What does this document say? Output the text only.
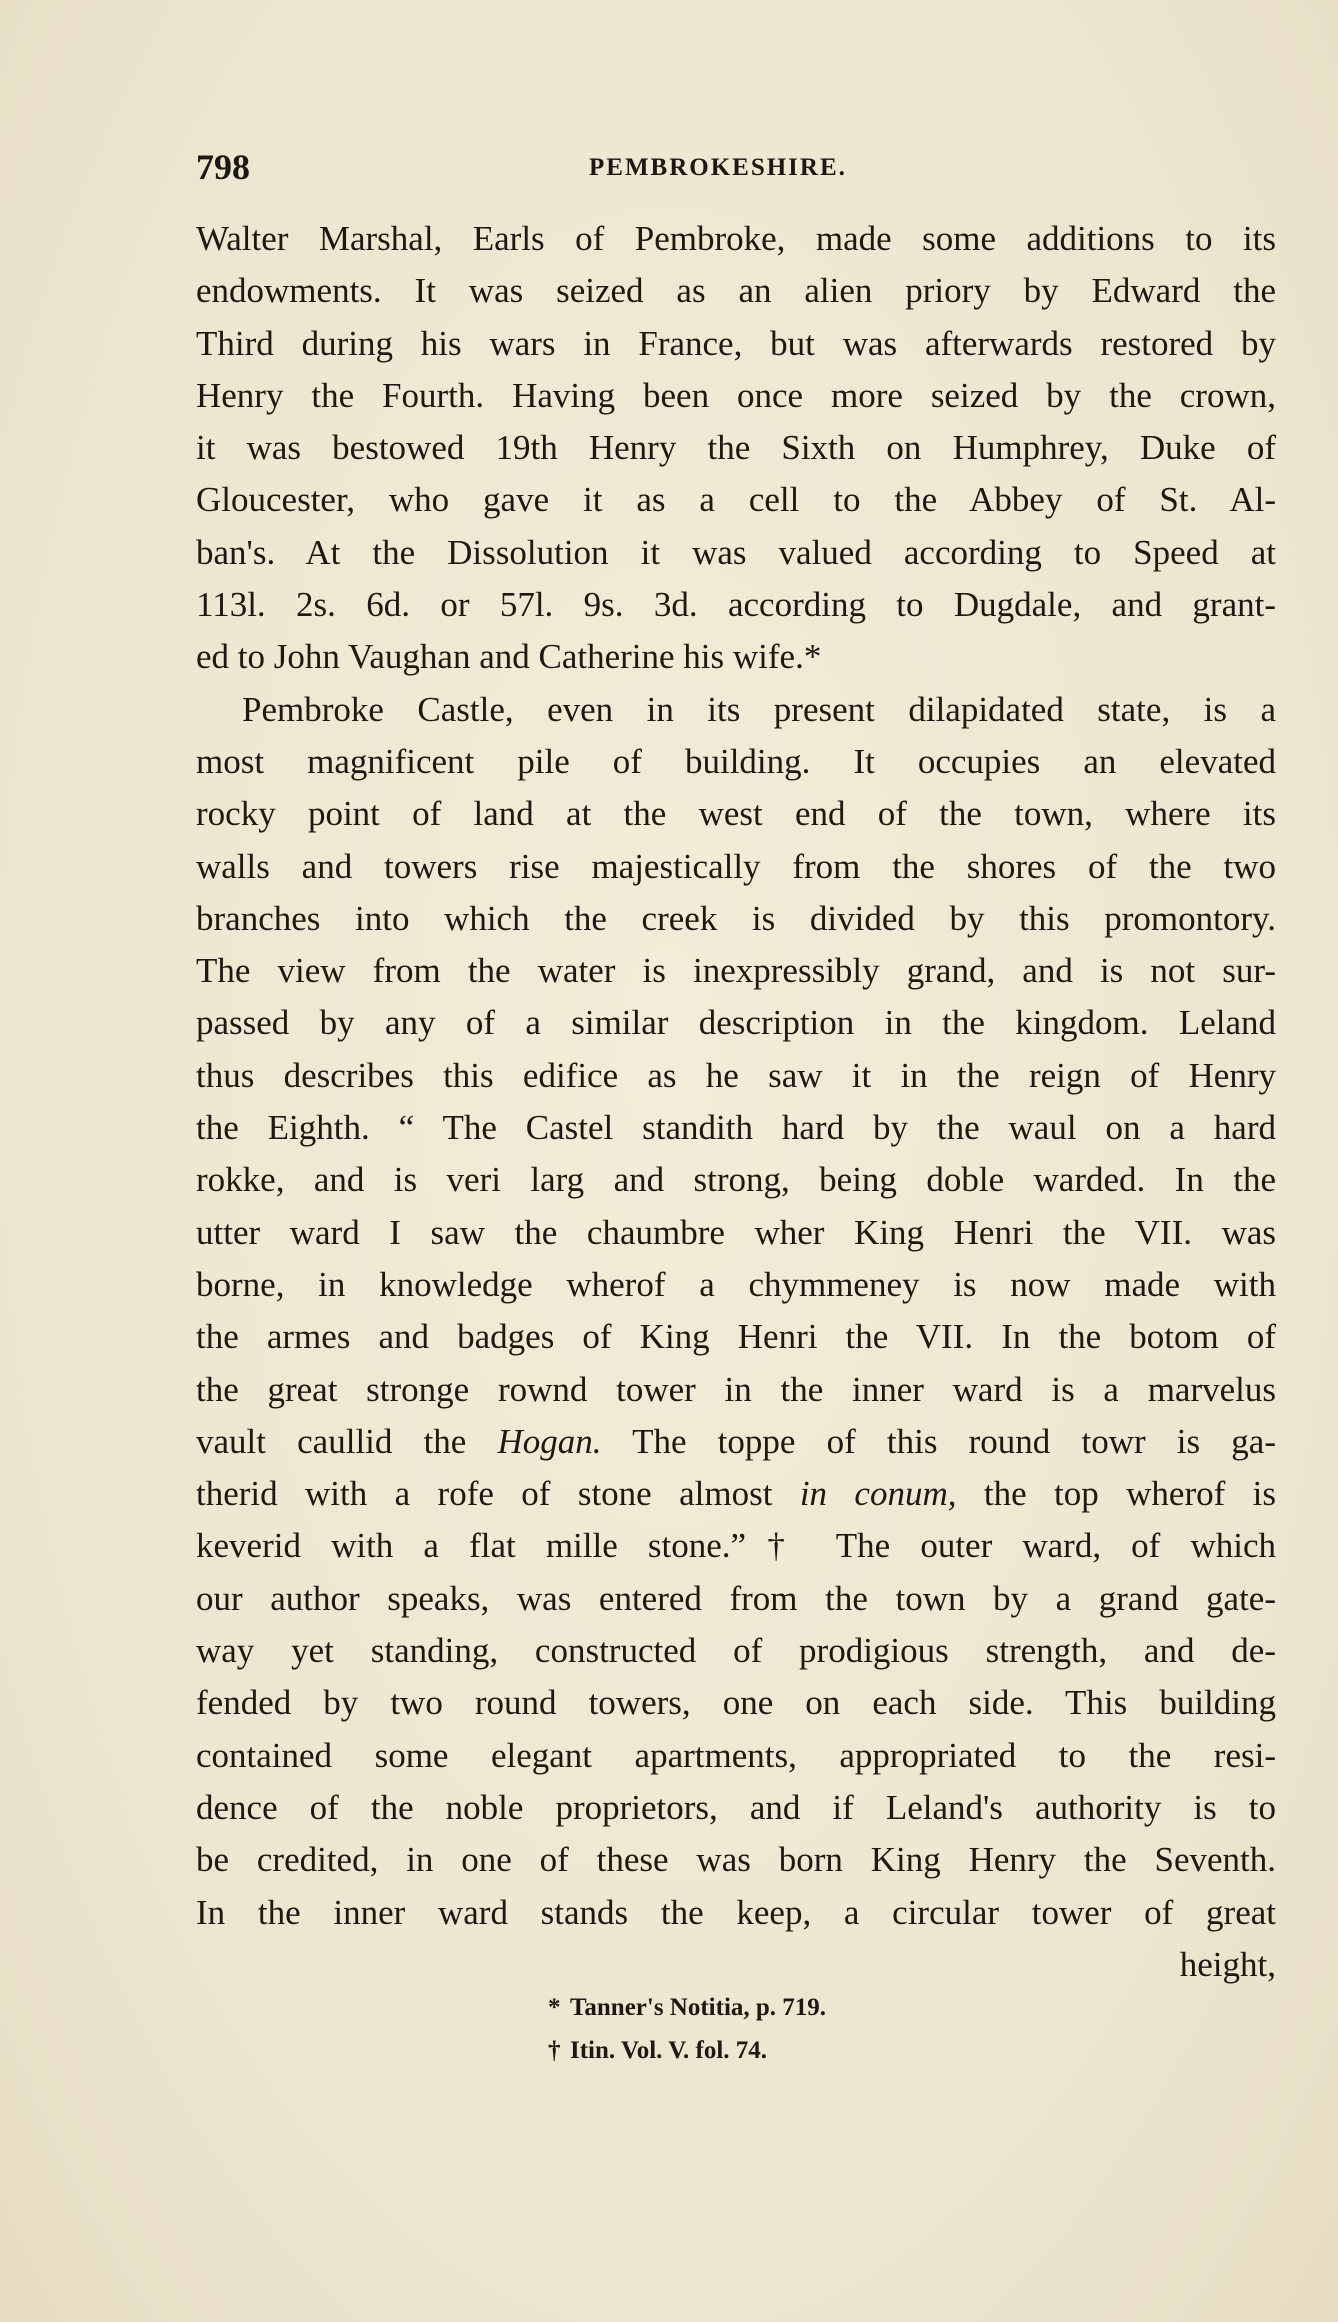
798	PEMBROKESHIRE.
Walter Marshal, Earls of Pembroke, made some additions to its
endowments. It was seized as an alien priory by Edward the
Third during his wars in France, but was afterwards restored by
Henry the Fourth. Having been once more seized by the crown,
it was bestowed 19th Henry the Sixth on Humphrey, Duke of
Gloucester, who gave it as a cell to the Abbey of St. Al-
ban's. At the Dissolution it was valued according to Speed at
113l. 2s. 6d. or 57l. 9s. 3d. according to Dugdale, and grant-
ed to John Vaughan and Catherine his wife.*
Pembroke Castle, even in its present dilapidated state, is a
most magnificent pile of building. It occupies an elevated
rocky point of land at the west end of the town, where its
walls and towers rise majestically from the shores of the two
branches into which the creek is divided by this promontory.
The view from the water is inexpressibly grand, and is not sur-
passed by any of a similar description in the kingdom. Leland
thus describes this edifice as he saw it in the reign of Henry
the Eighth. “ The Castel standith hard by the waul on a hard
rokke, and is veri larg and strong, being doble warded. In the
utter ward I saw the chaumbre wher King Henri the VII. was
borne, in knowledge wherof a chymmeney is now made with
the armes and badges of King Henri the VII. In the botom of
the great stronge rownd tower in the inner ward is a marvelus
vault caullid the Hogan. The toppe of this round towr is ga-
therid with a rofe of stone almost in conum, the top wherof is
keverid with a flat mille stone.”† The outer ward, of which
our author speaks, was entered from the town by a grand gate-
way yet standing, constructed of prodigious strength, and de-
fended by two round towers, one on each side. This building
contained some elegant apartments, appropriated to the resi-
dence of the noble proprietors, and if Leland's authority is to
be credited, in one of these was born King Henry the Seventh.
In the inner ward stands the keep, a circular tower of great
height,
* Tanner's Notitia, p. 719.
† Itin. Vol. V. fol. 74.
